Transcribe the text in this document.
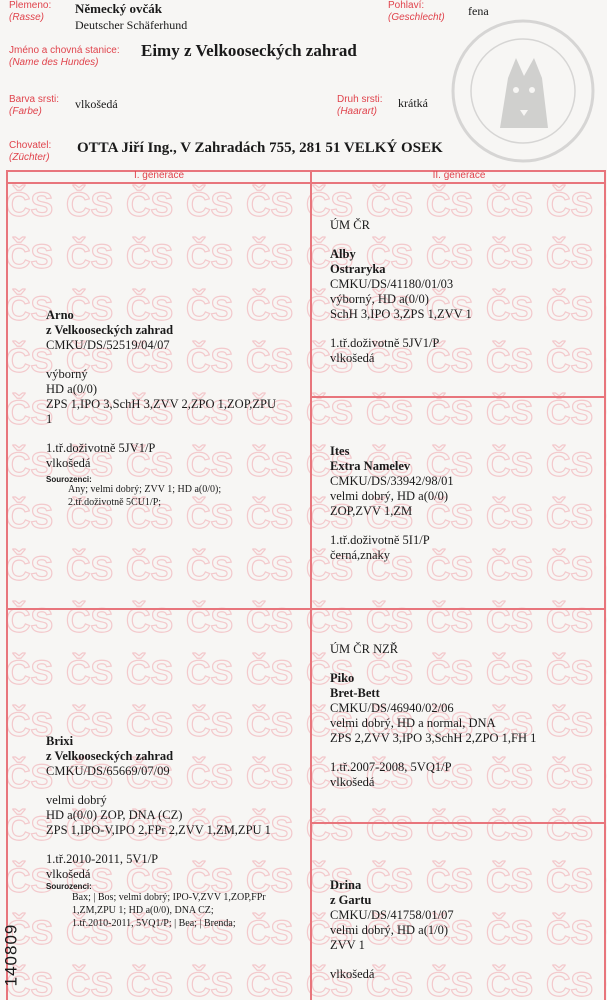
Plemeno:
(Rasse)
Německý ovčák
Deutscher Schäferhund
Pohlaví:
(Geschlecht) fena
Jméno a chovná stanice:
(Name des Hundes)
Eimy z Velkooseckých zahrad
Barva srsti:
(Farbe)
vlkošedá	Druh srsti:
(Haarart)
krátká
Chovatel:
(Züchter)
OTTA Jiří Ing., V Zahradách 755, 281 51 VELKÝ OSEK
I. generace	II. generace
Arno
z Velkooseckých zahrad
CMKU/DS/52519/04/07
výborný
HD a(0/0)
ZPS 1,IPO 3,SchH 3,ZVV 2,ZPO 1,ZOP,ZPU
1
1.tř.doživotně 5JV1/P
vlkošedá
Sourozenci:
Any; velmi dobrý; ZVV 1; HD a(0/0);
2.tř.doživotně 5CU1/P;
ÚM ČR
Alby
Ostraryka
CMKU/DS/41180/01/03
výborný, HD a(0/0)
SchH 3,IPO 3,ZPS 1,ZVV 1
1.tř.doživotně 5JV1/P
vlkošedá
Ites
Extra Namelev
CMKU/DS/33942/98/01
velmi dobrý, HD a(0/0)
ZOP,ZVV 1,ZM
1.tř.doživotně 5I1/P
černá,znaky
Brixi
z Velkooseckých zahrad
CMKU/DS/65669/07/09
velmi dobrý
HD a(0/0) ZOP, DNA (CZ)
ZPS 1,IPO-V,IPO 2,FPr 2,ZVV 1,ZM,ZPU 1
1.tř.2010-2011, 5V1/P
vlkošedá
Sourozenci:
Bax; | Bos; velmi dobrý; IPO-V,ZVV 1,ZOP,FPr
1,ZM,ZPU 1; HD a(0/0), DNA CZ;
1.tř.2010-2011, 5VQ1/P; | Bea; | Brenda;
ÚM ČR NZŘ
Piko
Bret-Bett
CMKU/DS/46940/02/06
velmi dobrý, HD a normal, DNA
ZPS 2,ZVV 3,IPO 3,SchH 2,ZPO 1,FH 1
1.tř.2007-2008, 5VQ1/P
vlkošedá
Drina
z Gartu
CMKU/DS/41758/01/07
velmi dobrý, HD a(1/0)
ZVV 1
vlkošedá
140809
